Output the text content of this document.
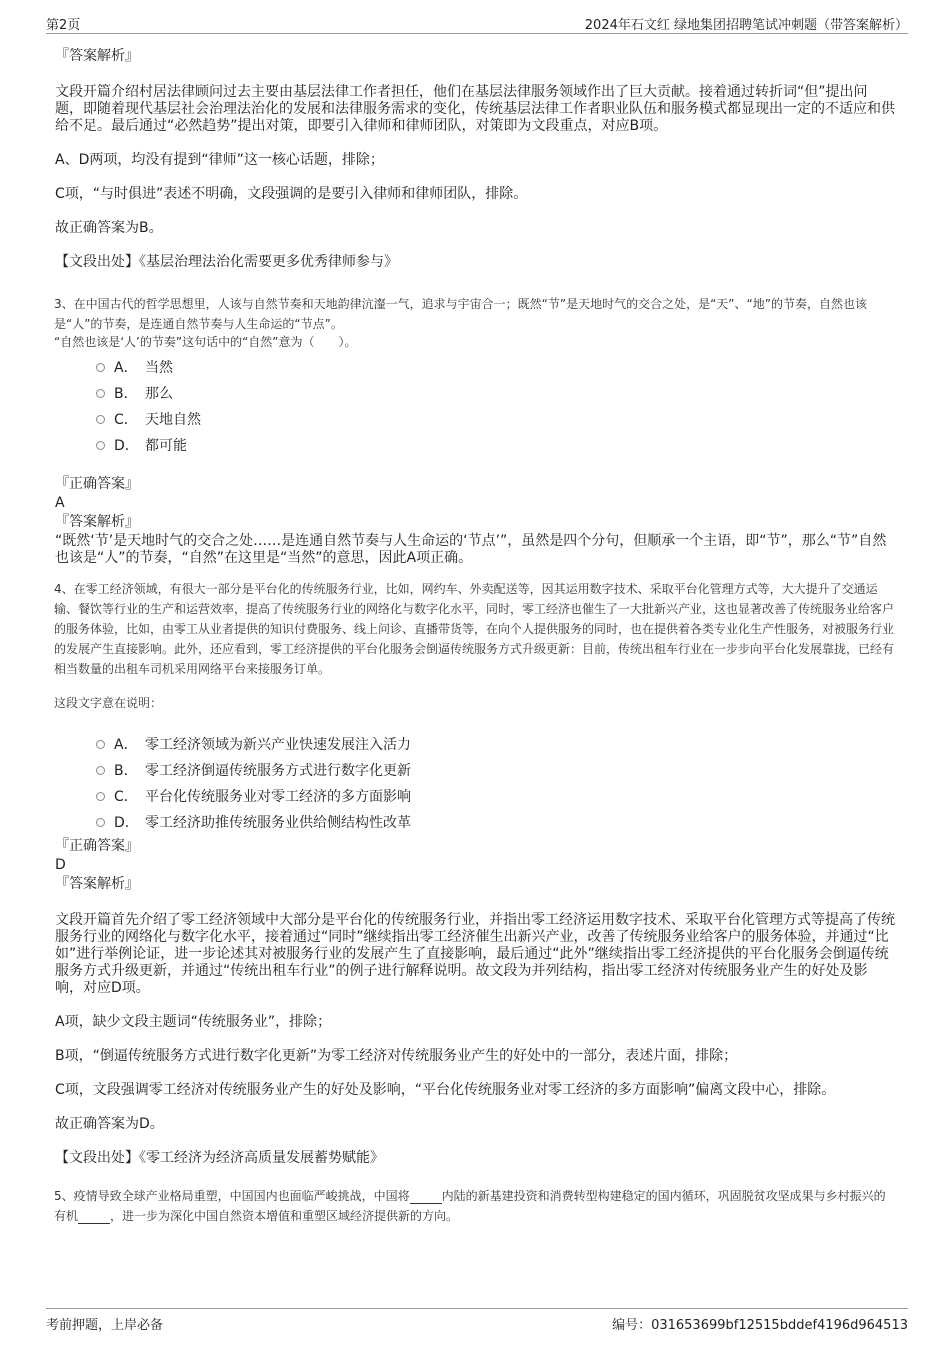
第2页	2024年石文红 绿地集团招聘笔试冲刺题（带答案解析）

『答案解析』

文段开篇介绍村居法律顾问过去主要由基层法律工作者担任，他们在基层法律服务领域作出了巨大贡献。接着通过转折词“但”提出问题，即随着现代基层社会治理法治化的发展和法律服务需求的变化，传统基层法律工作者职业队伍和服务模式都显现出一定的不适应和供给不足。最后通过“必然趋势”提出对策，即要引入律师和律师团队，对策即为文段重点，对应B项。

A、D两项，均没有提到“律师”这一核心话题，排除；

C项，“与时俱进”表述不明确，文段强调的是要引入律师和律师团队，排除。

故正确答案为B。

【文段出处】《基层治理法治化需要更多优秀律师参与》

3、在中国古代的哲学思想里，人该与自然节奏和天地韵律沆瀣一气，追求与宇宙合一；既然“节”是天地时气的交合之处，是“天”、“地”的节奏，自然也该是“人”的节奏，是连通自然节奏与人生命运的“节点”。

“自然也该是‘人’的节奏”这句话中的“自然”意为（　　）。

A． 当然
B． 那么
C． 天地自然
D． 都可能

『正确答案』

A

『答案解析』

“既然‘节’是天地时气的交合之处……是连通自然节奏与人生命运的‘节点’”，虽然是四个分句，但顺承一个主语，即“节”，那么“节”自然也该是“人”的节奏，“自然”在这里是“当然”的意思，因此A项正确。

4、在零工经济领域，有很大一部分是平台化的传统服务行业，比如，网约车、外卖配送等，因其运用数字技术、采取平台化管理方式等，大大提升了交通运输、餐饮等行业的生产和运营效率，提高了传统服务行业的网络化与数字化水平，同时，零工经济也催生了一大批新兴产业，这也显著改善了传统服务业给客户的服务体验，比如，由零工从业者提供的知识付费服务、线上问诊、直播带货等，在向个人提供服务的同时，也在提供着各类专业化生产性服务，对被服务行业的发展产生直接影响。此外，还应看到，零工经济提供的平台化服务会倒逼传统服务方式升级更新：目前，传统出租车行业在一步步向平台化发展靠拢，已经有相当数量的出租车司机采用网络平台来接服务订单。

这段文字意在说明：

A． 零工经济领域为新兴产业快速发展注入活力
B． 零工经济倒逼传统服务方式进行数字化更新
C． 平台化传统服务业对零工经济的多方面影响
D． 零工经济助推传统服务业供给侧结构性改革

『正确答案』

D

『答案解析』

文段开篇首先介绍了零工经济领域中大部分是平台化的传统服务行业，并指出零工经济运用数字技术、采取平台化管理方式等提高了传统服务行业的网络化与数字化水平，接着通过“同时”继续指出零工经济催生出新兴产业，改善了传统服务业给客户的服务体验，并通过“比如”进行举例论证，进一步论述其对被服务行业的发展产生了直接影响，最后通过“此外”继续指出零工经济提供的平台化服务会倒逼传统服务方式升级更新，并通过“传统出租车行业”的例子进行解释说明。故文段为并列结构，指出零工经济对传统服务业产生的好处及影响，对应D项。

A项，缺少文段主题词“传统服务业”，排除；

B项，“倒逼传统服务方式进行数字化更新”为零工经济对传统服务业产生的好处中的一部分，表述片面，排除；

C项，文段强调零工经济对传统服务业产生的好处及影响，“平台化传统服务业对零工经济的多方面影响”偏离文段中心，排除。

故正确答案为D。

【文段出处】《零工经济为经济高质量发展蓄势赋能》

5、疫情导致全球产业格局重塑，中国国内也面临严峻挑战，中国将	内陆的新基建投资和消费转型构建稳定的国内循环，巩固脱贫攻坚成果与乡村振兴的有机	，进一步为深化中国自然资本增值和重塑区域经济提供新的方向。

考前押题，上岸必备	编号：031653699bf12515bddef4196d964513
